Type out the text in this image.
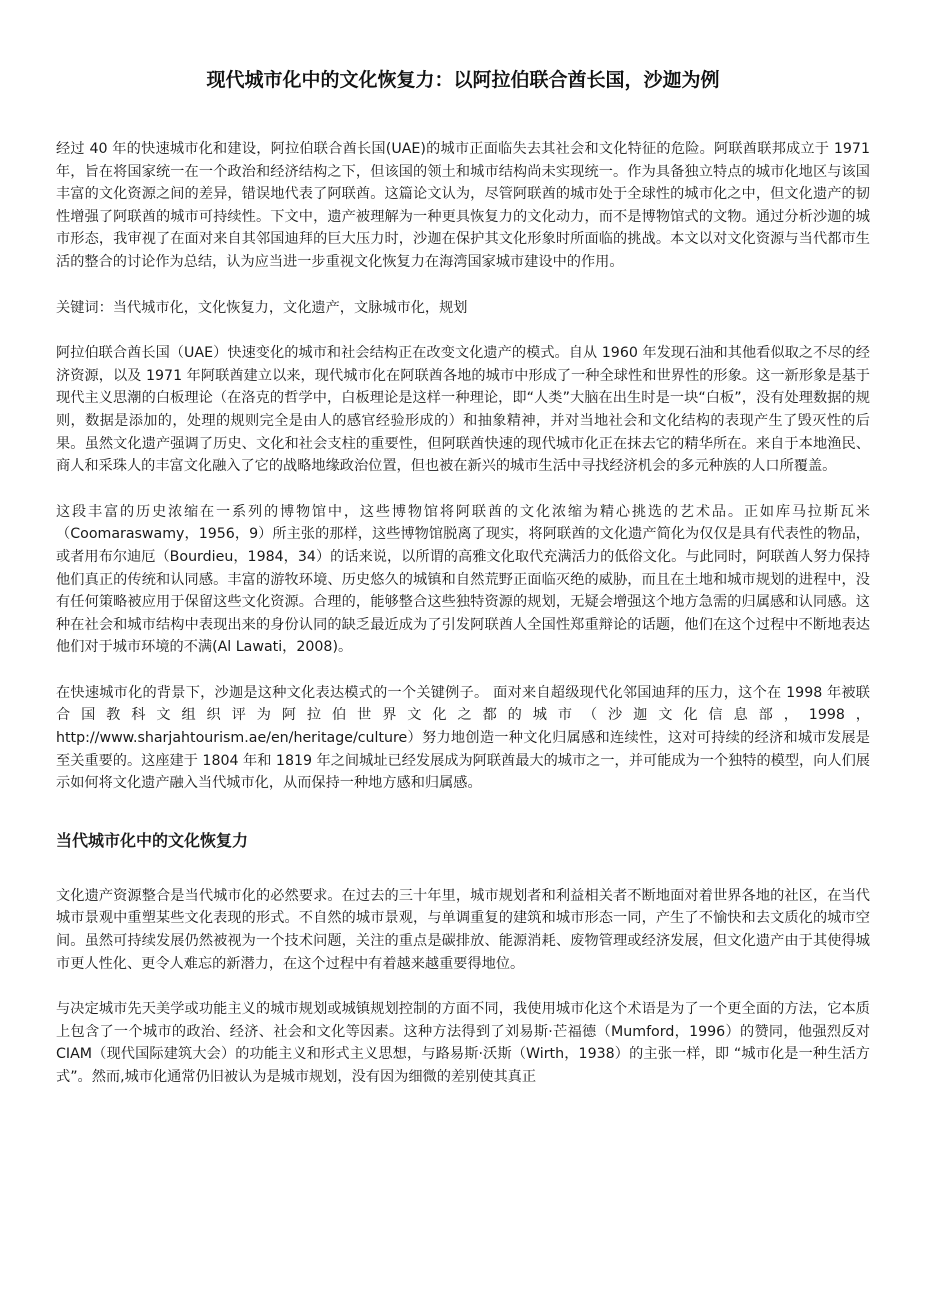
现代城市化中的文化恢复力：以阿拉伯联合酋长国，沙迦为例

经过 40 年的快速城市化和建设，阿拉伯联合酋长国(UAE)的城市正面临失去其社会和文化特征的危险。阿联酋联邦成立于 1971 年，旨在将国家统一在一个政治和经济结构之下，但该国的领土和城市结构尚未实现统一。作为具备独立特点的城市化地区与该国丰富的文化资源之间的差异，错误地代表了阿联酋。这篇论文认为，尽管阿联酋的城市处于全球性的城市化之中，但文化遗产的韧性增强了阿联酋的城市可持续性。下文中，遗产被理解为一种更具恢复力的文化动力，而不是博物馆式的文物。通过分析沙迦的城市形态，我审视了在面对来自其邻国迪拜的巨大压力时，沙迦在保护其文化形象时所面临的挑战。本文以对文化资源与当代都市生活的整合的讨论作为总结，认为应当进一步重视文化恢复力在海湾国家城市建设中的作用。

关键词：当代城市化，文化恢复力，文化遗产，文脉城市化，规划

阿拉伯联合酋长国（UAE）快速变化的城市和社会结构正在改变文化遗产的模式。自从 1960 年发现石油和其他看似取之不尽的经济资源，以及 1971 年阿联酋建立以来，现代城市化在阿联酋各地的城市中形成了一种全球性和世界性的形象。这一新形象是基于现代主义思潮的白板理论（在洛克的哲学中，白板理论是这样一种理论，即“人类”大脑在出生时是一块“白板”，没有处理数据的规则，数据是添加的，处理的规则完全是由人的感官经验形成的）和抽象精神，并对当地社会和文化结构的表现产生了毁灭性的后果。虽然文化遗产强调了历史、文化和社会支柱的重要性，但阿联酋快速的现代城市化正在抹去它的精华所在。来自于本地渔民、商人和采珠人的丰富文化融入了它的战略地缘政治位置，但也被在新兴的城市生活中寻找经济机会的多元种族的人口所覆盖。

这段丰富的历史浓缩在一系列的博物馆中，这些博物馆将阿联酋的文化浓缩为精心挑选的艺术品。正如库马拉斯瓦米（Coomaraswamy，1956，9）所主张的那样，这些博物馆脱离了现实，将阿联酋的文化遗产简化为仅仅是具有代表性的物品，或者用布尔迪厄（Bourdieu，1984，34）的话来说，以所谓的高雅文化取代充满活力的低俗文化。与此同时，阿联酋人努力保持他们真正的传统和认同感。丰富的游牧环境、历史悠久的城镇和自然荒野正面临灭绝的威胁，而且在土地和城市规划的进程中，没有任何策略被应用于保留这些文化资源。合理的，能够整合这些独特资源的规划，无疑会增强这个地方急需的归属感和认同感。这种在社会和城市结构中表现出来的身份认同的缺乏最近成为了引发阿联酋人全国性郑重辩论的话题，他们在这个过程中不断地表达他们对于城市环境的不满(Al Lawati，2008)。

在快速城市化的背景下，沙迦是这种文化表达模式的一个关键例子。 面对来自超级现代化邻国迪拜的压力，这个在 1998 年被联合国教科文组织评为阿拉伯世界文化之都的城市（沙迦文化信息部，1998，http://www.sharjahtourism.ae/en/heritage/culture）努力地创造一种文化归属感和连续性，这对可持续的经济和城市发展是至关重要的。这座建于 1804 年和 1819 年之间城址已经发展成为阿联酋最大的城市之一，并可能成为一个独特的模型，向人们展示如何将文化遗产融入当代城市化，从而保持一种地方感和归属感。

当代城市化中的文化恢复力

文化遗产资源整合是当代城市化的必然要求。在过去的三十年里，城市规划者和利益相关者不断地面对着世界各地的社区，在当代城市景观中重塑某些文化表现的形式。不自然的城市景观，与单调重复的建筑和城市形态一同，产生了不愉快和去文质化的城市空间。虽然可持续发展仍然被视为一个技术问题，关注的重点是碳排放、能源消耗、废物管理或经济发展，但文化遗产由于其使得城市更人性化、更令人难忘的新潜力，在这个过程中有着越来越重要得地位。

与决定城市先天美学或功能主义的城市规划或城镇规划控制的方面不同，我使用城市化这个术语是为了一个更全面的方法，它本质上包含了一个城市的政治、经济、社会和文化等因素。这种方法得到了刘易斯·芒福德（Mumford，1996）的赞同，他强烈反对 CIAM（现代国际建筑大会）的功能主义和形式主义思想，与路易斯·沃斯（Wirth，1938）的主张一样，即 “城市化是一种生活方式”。然而,城市化通常仍旧被认为是城市规划，没有因为细微的差别使其真正
